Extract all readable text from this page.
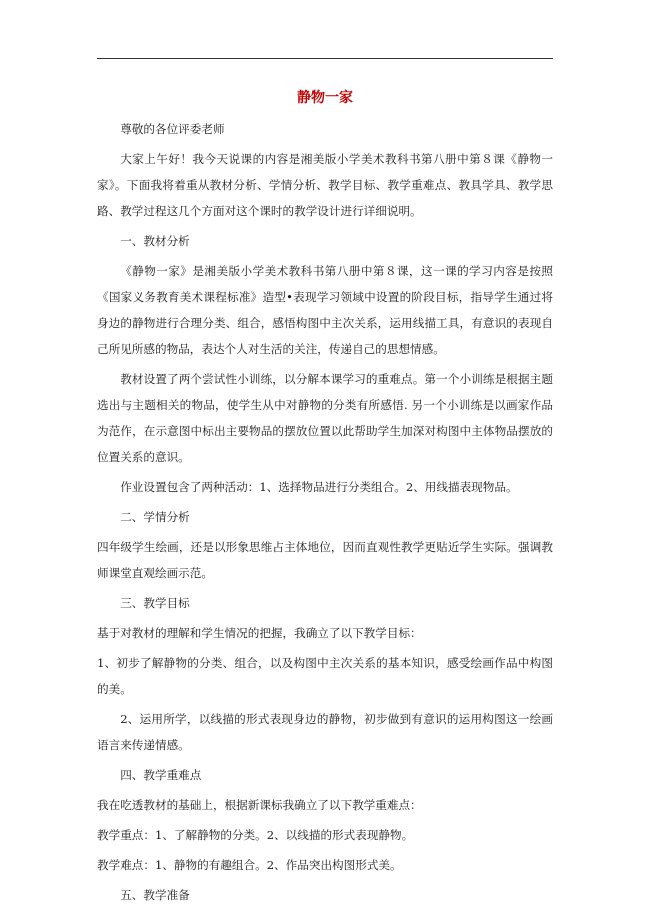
静物一家

尊敬的各位评委老师

大家上午好！我今天说课的内容是湘美版小学美术教科书第八册中第８课《静物一家》。下面我将着重从教材分析、学情分析、教学目标、教学重难点、教具学具、教学思路、教学过程这几个方面对这个课时的教学设计进行详细说明。

一、教材分析

《静物一家》是湘美版小学美术教科书第八册中第８课，这一课的学习内容是按照《国家义务教育美术课程标准》造型•表现学习领域中设置的阶段目标，指导学生通过将身边的静物进行合理分类、组合，感悟构图中主次关系，运用线描工具，有意识的表现自己所见所感的物品，表达个人对生活的关注，传递自己的思想情感。

教材设置了两个尝试性小训练，以分解本课学习的重难点。第一个小训练是根据主题选出与主题相关的物品，使学生从中对静物的分类有所感悟. 另一个小训练是以画家作品为范作，在示意图中标出主要物品的摆放位置以此帮助学生加深对构图中主体物品摆放的位置关系的意识。

作业设置包含了两种活动：1、选择物品进行分类组合。2、用线描表现物品。

二、学情分析

四年级学生绘画，还是以形象思维占主体地位，因而直观性教学更贴近学生实际。强调教师课堂直观绘画示范。

三、教学目标

基于对教材的理解和学生情况的把握，我确立了以下教学目标：

1、初步了解静物的分类、组合，以及构图中主次关系的基本知识，感受绘画作品中构图的美。

2、运用所学，以线描的形式表现身边的静物，初步做到有意识的运用构图这一绘画语言来传递情感。

四、教学重难点

我在吃透教材的基础上，根据新课标我确立了以下教学重难点：

教学重点：1、了解静物的分类。2、以线描的形式表现静物。

教学难点：1、静物的有趣组合。2、作品突出构图形式美。

五、教学准备
